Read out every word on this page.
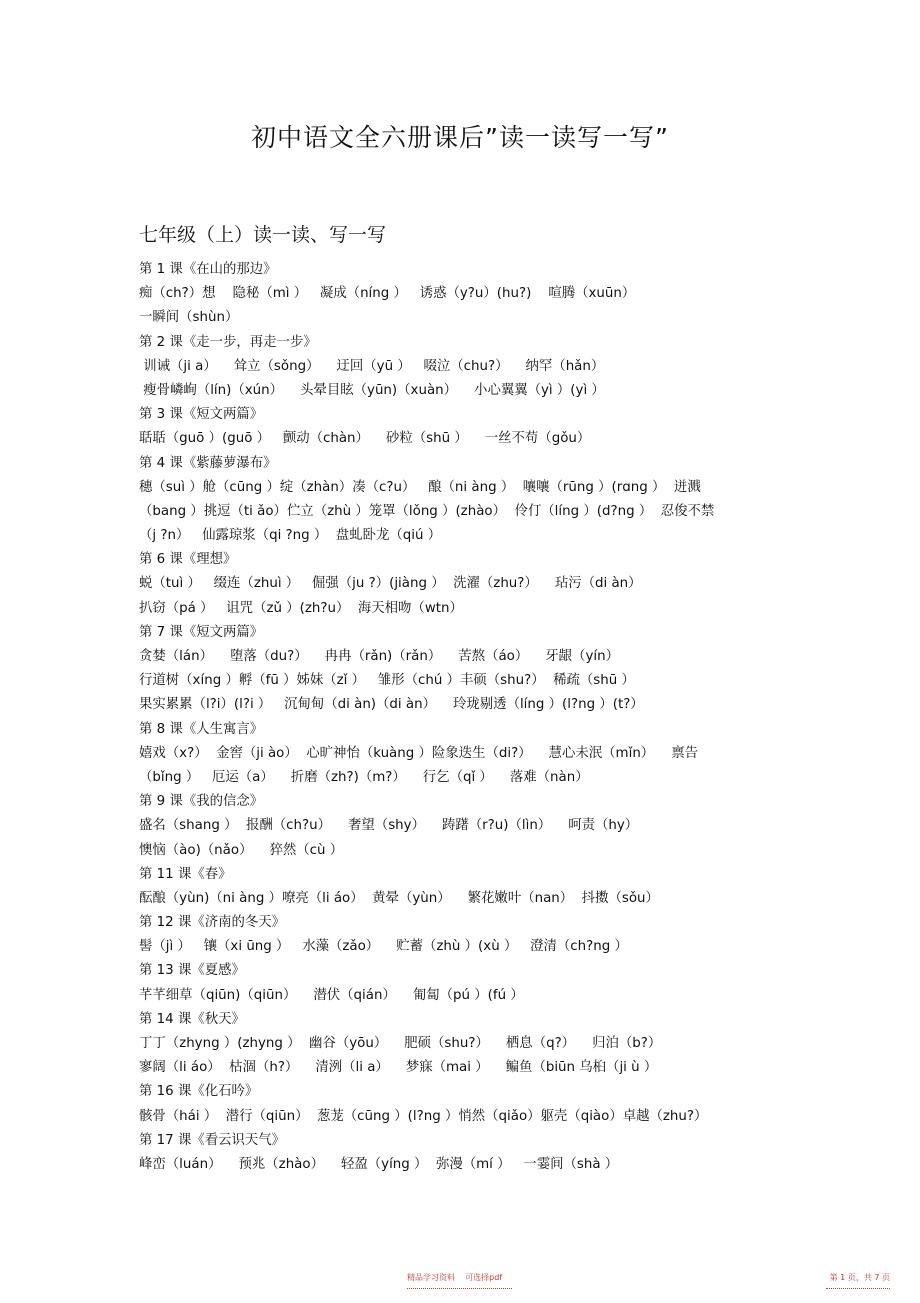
初中语文全六册课后”读一读写一写”
七年级（上）读一读、写一写
第 1 课《在山的那边》
痴（ch?）想    隐秘（mì ）   凝成（níng ）   诱惑（y?u）(hu?)    喧腾（xuūn）
一瞬间（shùn）
第 2 课《走一步，再走一步》
训诫（ji a）    耸立（sǒng）    迂回（yū ）   啜泣（chu?）    纳罕（hǎn）
瘦骨嶙峋（lín)（xún）    头晕目眩（yūn)（xuàn）    小心翼翼（yì ）(yì ）
第 3 课《短文两篇》
聒聒（guō ）(guō ）   颤动（chàn）    砂粒（shū ）    一丝不苟（gǒu）
第 4 课《紫藤萝瀑布》
穗（suì ）舱（cūng ）绽（zhàn）凑（c?u）   酿（ni àng ）  嚷嚷（rūng ）(rɑng ）  迸溅
（bang ）挑逗（ti ǎo）伫立（zhù ）笼罩（lǒng ）(zhào）  伶仃（líng ）(d?ng ）  忍俊不禁
（j ?n）   仙露琼浆（qi ?ng ）  盘虬卧龙（qiú ）
第 6 课《理想》
蜕（tuì ）   缀连（zhuì ）   倔强（ju ?）(jiàng ）  洗濯（zhu?）    玷污（di àn）
扒窃（pá ）   诅咒（zǔ ）(zh?u）  海天相吻（wtn）
第 7 课《短文两篇》
贪婪（lán）    堕落（du?）    冉冉（rǎn)（rǎn）    苦熬（áo）    牙龈（yín）
行道树（xíng ）孵（fū ）姊妹（zǐ ）   雏形（chú ）丰硕（shu?）  稀疏（shū ）
果实累累（l?i）(l?i ）   沉甸甸（di àn)（di àn）    玲珑剔透（líng ）(l?ng ）(t?）
第 8 课《人生寓言》
嬉戏（x?）  金窖（ji ào）  心旷神怡（kuàng ）险象迭生（di?）    慧心未泯（mǐn）    禀告
（bǐng ）   厄运（a）    折磨（zh?)（m?）    行乞（qǐ ）    落难（nàn）
第 9 课《我的信念》
盛名（shang ）  报酬（ch?u）    奢望（shy）    踌躇（r?u)（lìn）    呵责（hy）
懊恼（ào)（nǎo）    猝然（cù ）
第 11 课《春》
酝酿（yùn)（ni àng ）嘹亮（li áo）  黄晕（yùn）    繁花嫩叶（nan）  抖擞（sǒu）
第 12 课《济南的冬天》
髻（jì ）   镶（xi ūng ）   水藻（zǎo）    贮蓄（zhù ）(xù ）   澄清（ch?ng ）
第 13 课《夏感》
芊芊细草（qiūn)（qiūn）    潜伏（qián）    匍匐（pú ）(fú ）
第 14 课《秋天》
丁丁（zhyng ）(zhyng ）  幽谷（yōu）    肥硕（shu?）    栖息（q?）    归泊（b?）
寥阔（li áo）  枯涸（h?）    清洌（li a）    梦寐（mai ）    鳊鱼（biūn 乌桕（ji ù ）
第 16 课《化石吟》
骸骨（hái ）  潜行（qiūn）  葱茏（cūng ）(l?ng ）悄然（qiǎo）躯壳（qiào）卓越（zhu?）
第 17 课《看云识天气》
峰峦（luán）    预兆（zhào）    轻盈（yíng ）  弥漫（mí ）   一霎间（shà ）
精品学习资料    可选择pdf	第 1 页，共 7 页
